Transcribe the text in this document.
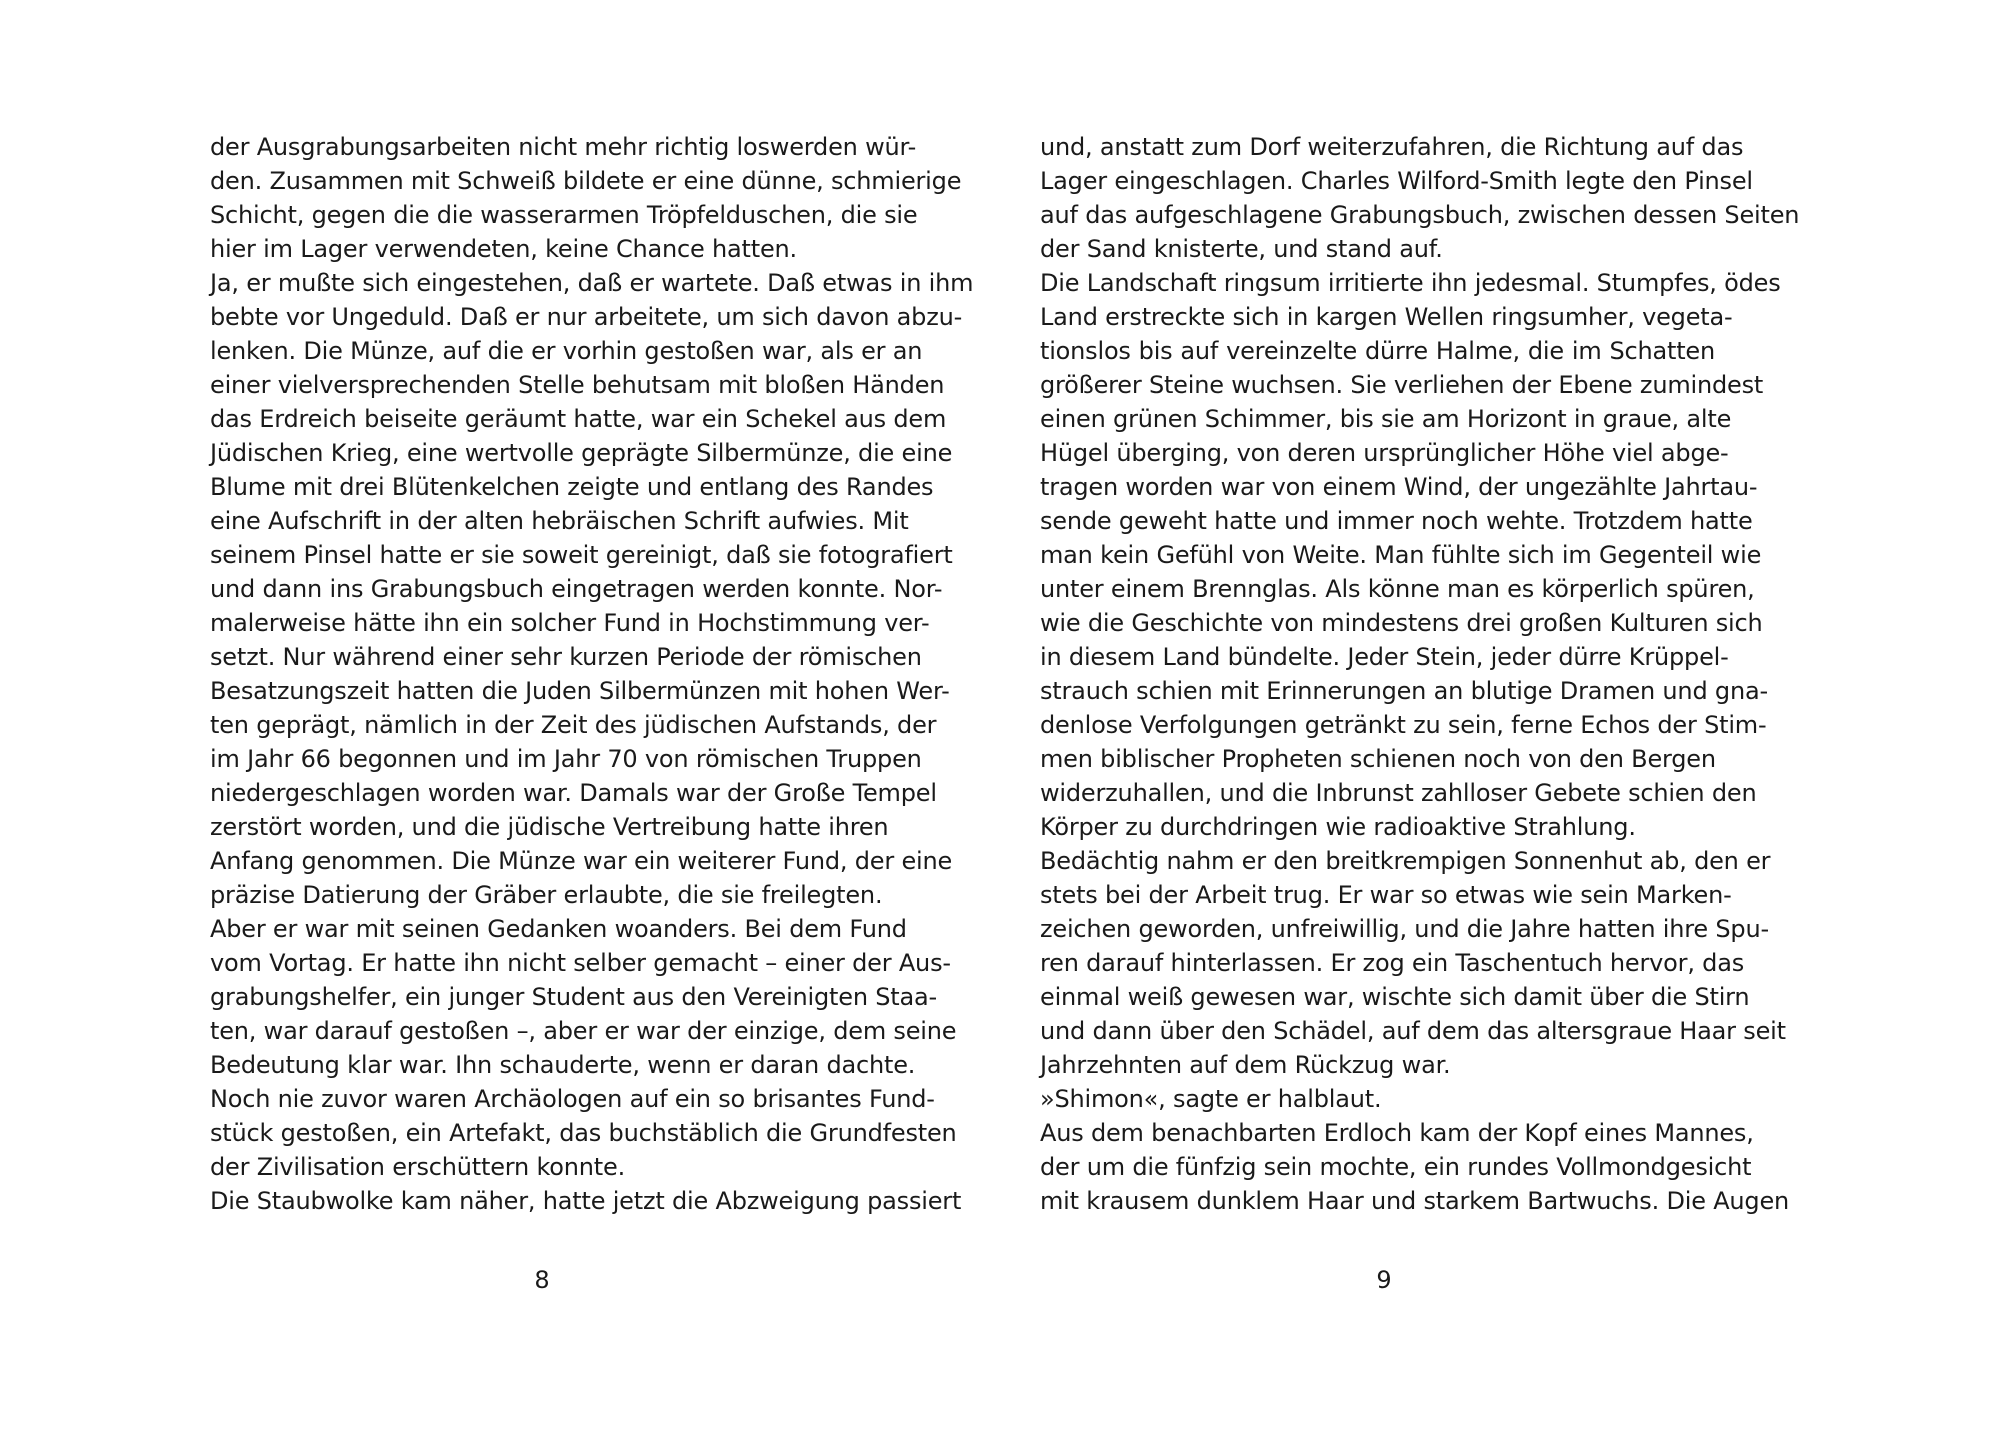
der Ausgrabungsarbeiten nicht mehr richtig loswerden wür-
den. Zusammen mit Schweiß bildete er eine dünne, schmierige
Schicht, gegen die die wasserarmen Tröpfelduschen, die sie
hier im Lager verwendeten, keine Chance hatten.
Ja, er mußte sich eingestehen, daß er wartete. Daß etwas in ihm
bebte vor Ungeduld. Daß er nur arbeitete, um sich davon abzu-
lenken. Die Münze, auf die er vorhin gestoßen war, als er an
einer vielversprechenden Stelle behutsam mit bloßen Händen
das Erdreich beiseite geräumt hatte, war ein Schekel aus dem
Jüdischen Krieg, eine wertvolle geprägte Silbermünze, die eine
Blume mit drei Blütenkelchen zeigte und entlang des Randes
eine Aufschrift in der alten hebräischen Schrift aufwies. Mit
seinem Pinsel hatte er sie soweit gereinigt, daß sie fotografiert
und dann ins Grabungsbuch eingetragen werden konnte. Nor-
malerweise hätte ihn ein solcher Fund in Hochstimmung ver-
setzt. Nur während einer sehr kurzen Periode der römischen
Besatzungszeit hatten die Juden Silbermünzen mit hohen Wer-
ten geprägt, nämlich in der Zeit des jüdischen Aufstands, der
im Jahr 66 begonnen und im Jahr 70 von römischen Truppen
niedergeschlagen worden war. Damals war der Große Tempel
zerstört worden, und die jüdische Vertreibung hatte ihren
Anfang genommen. Die Münze war ein weiterer Fund, der eine
präzise Datierung der Gräber erlaubte, die sie freilegten.
Aber er war mit seinen Gedanken woanders. Bei dem Fund
vom Vortag. Er hatte ihn nicht selber gemacht – einer der Aus-
grabungshelfer, ein junger Student aus den Vereinigten Staa-
ten, war darauf gestoßen –, aber er war der einzige, dem seine
Bedeutung klar war. Ihn schauderte, wenn er daran dachte.
Noch nie zuvor waren Archäologen auf ein so brisantes Fund-
stück gestoßen, ein Artefakt, das buchstäblich die Grundfesten
der Zivilisation erschüttern konnte.
Die Staubwolke kam näher, hatte jetzt die Abzweigung passiert
8
und, anstatt zum Dorf weiterzufahren, die Richtung auf das
Lager eingeschlagen. Charles Wilford-Smith legte den Pinsel
auf das aufgeschlagene Grabungsbuch, zwischen dessen Seiten
der Sand knisterte, und stand auf.
Die Landschaft ringsum irritierte ihn jedesmal. Stumpfes, ödes
Land erstreckte sich in kargen Wellen ringsumher, vegeta-
tionslos bis auf vereinzelte dürre Halme, die im Schatten
größerer Steine wuchsen. Sie verliehen der Ebene zumindest
einen grünen Schimmer, bis sie am Horizont in graue, alte
Hügel überging, von deren ursprünglicher Höhe viel abge-
tragen worden war von einem Wind, der ungezählte Jahrtau-
sende geweht hatte und immer noch wehte. Trotzdem hatte
man kein Gefühl von Weite. Man fühlte sich im Gegenteil wie
unter einem Brennglas. Als könne man es körperlich spüren,
wie die Geschichte von mindestens drei großen Kulturen sich
in diesem Land bündelte. Jeder Stein, jeder dürre Krüppel-
strauch schien mit Erinnerungen an blutige Dramen und gna-
denlose Verfolgungen getränkt zu sein, ferne Echos der Stim-
men biblischer Propheten schienen noch von den Bergen
widerzuhallen, und die Inbrunst zahlloser Gebete schien den
Körper zu durchdringen wie radioaktive Strahlung.
Bedächtig nahm er den breitkrempigen Sonnenhut ab, den er
stets bei der Arbeit trug. Er war so etwas wie sein Marken-
zeichen geworden, unfreiwillig, und die Jahre hatten ihre Spu-
ren darauf hinterlassen. Er zog ein Taschentuch hervor, das
einmal weiß gewesen war, wischte sich damit über die Stirn
und dann über den Schädel, auf dem das altersgraue Haar seit
Jahrzehnten auf dem Rückzug war.
»Shimon«, sagte er halblaut.
Aus dem benachbarten Erdloch kam der Kopf eines Mannes,
der um die fünfzig sein mochte, ein rundes Vollmondgesicht
mit krausem dunklem Haar und starkem Bartwuchs. Die Augen
9
